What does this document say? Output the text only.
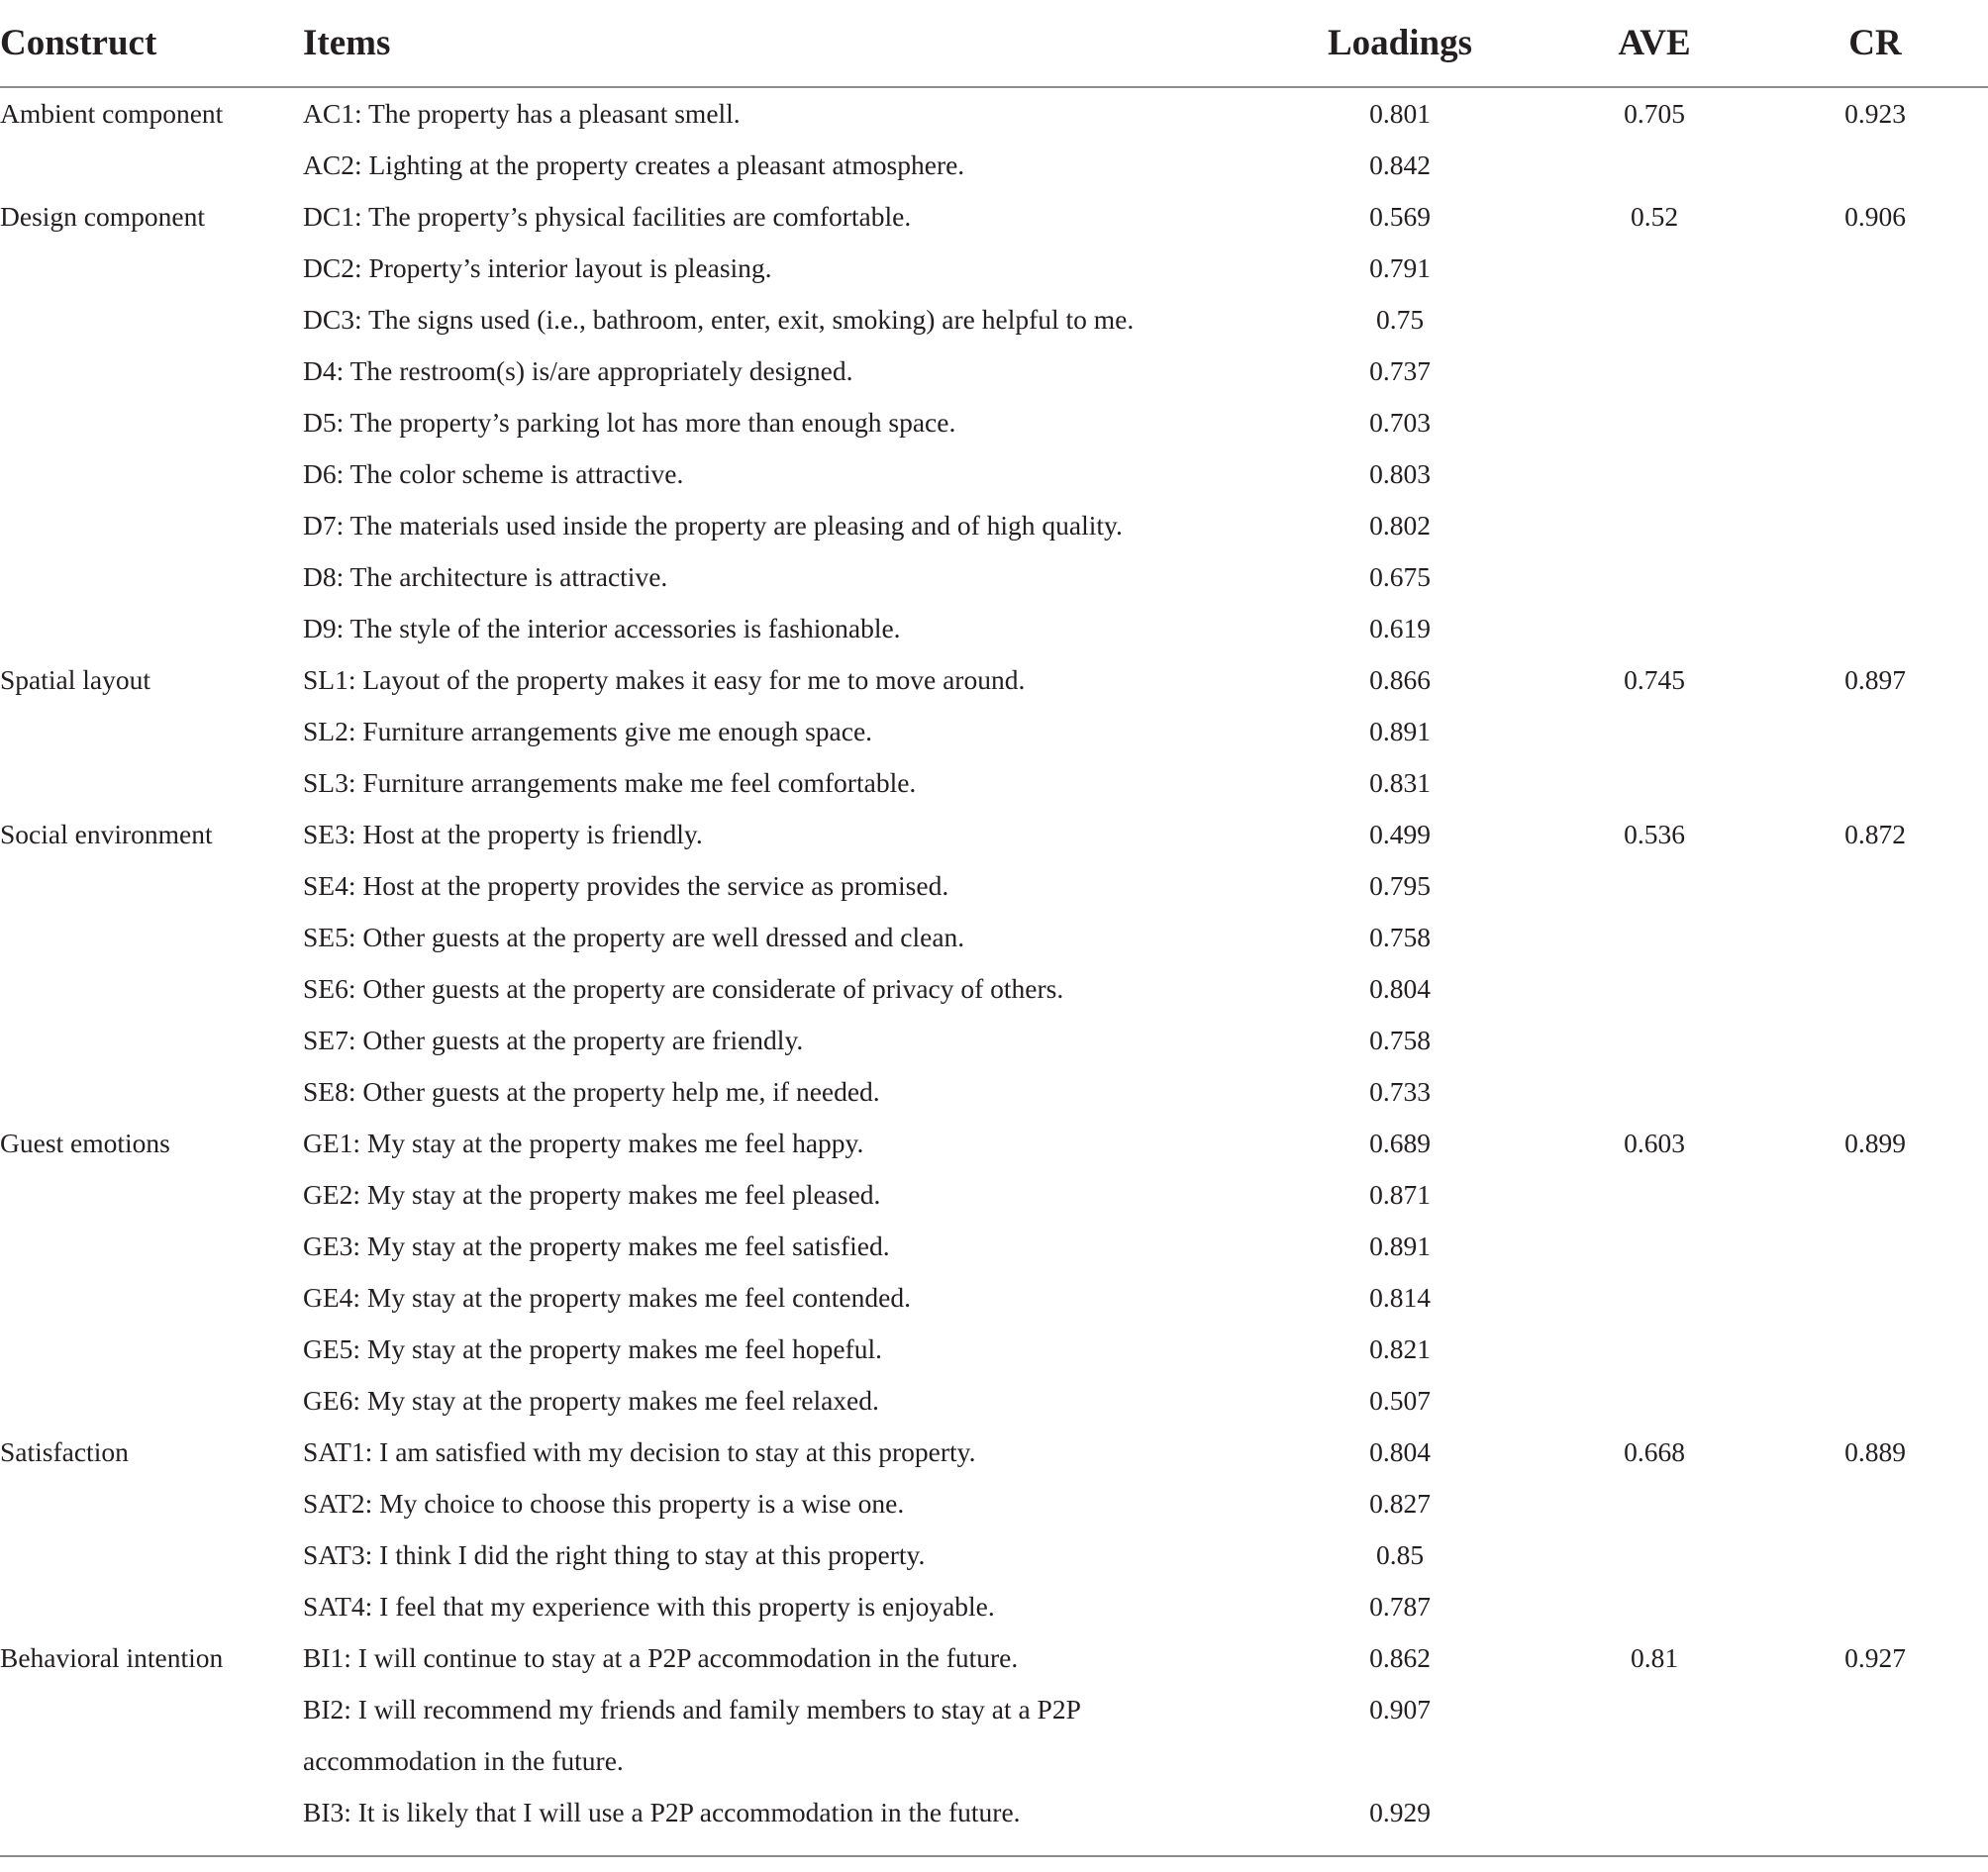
Construct	Items	Loadings	AVE	CR
Ambient component	AC1: The property has a pleasant smell.	0.801	0.705	0.923
	AC2: Lighting at the property creates a pleasant atmosphere.	0.842		
Design component	DC1: The property’s physical facilities are comfortable.	0.569	0.52	0.906
	DC2: Property’s interior layout is pleasing.	0.791		
	DC3: The signs used (i.e., bathroom, enter, exit, smoking) are helpful to me.	0.75		
	D4: The restroom(s) is/are appropriately designed.	0.737		
	D5: The property’s parking lot has more than enough space.	0.703		
	D6: The color scheme is attractive.	0.803		
	D7: The materials used inside the property are pleasing and of high quality.	0.802		
	D8: The architecture is attractive.	0.675		
	D9: The style of the interior accessories is fashionable.	0.619		
Spatial layout	SL1: Layout of the property makes it easy for me to move around.	0.866	0.745	0.897
	SL2: Furniture arrangements give me enough space.	0.891		
	SL3: Furniture arrangements make me feel comfortable.	0.831		
Social environment	SE3: Host at the property is friendly.	0.499	0.536	0.872
	SE4: Host at the property provides the service as promised.	0.795		
	SE5: Other guests at the property are well dressed and clean.	0.758		
	SE6: Other guests at the property are considerate of privacy of others.	0.804		
	SE7: Other guests at the property are friendly.	0.758		
	SE8: Other guests at the property help me, if needed.	0.733		
Guest emotions	GE1: My stay at the property makes me feel happy.	0.689	0.603	0.899
	GE2: My stay at the property makes me feel pleased.	0.871		
	GE3: My stay at the property makes me feel satisfied.	0.891		
	GE4: My stay at the property makes me feel contended.	0.814		
	GE5: My stay at the property makes me feel hopeful.	0.821		
	GE6: My stay at the property makes me feel relaxed.	0.507		
Satisfaction	SAT1: I am satisfied with my decision to stay at this property.	0.804	0.668	0.889
	SAT2: My choice to choose this property is a wise one.	0.827		
	SAT3: I think I did the right thing to stay at this property.	0.85		
	SAT4: I feel that my experience with this property is enjoyable.	0.787		
Behavioral intention	BI1: I will continue to stay at a P2P accommodation in the future.	0.862	0.81	0.927
	BI2: I will recommend my friends and family members to stay at a P2P accommodation in the future.	0.907		
	BI3: It is likely that I will use a P2P accommodation in the future.	0.929		
